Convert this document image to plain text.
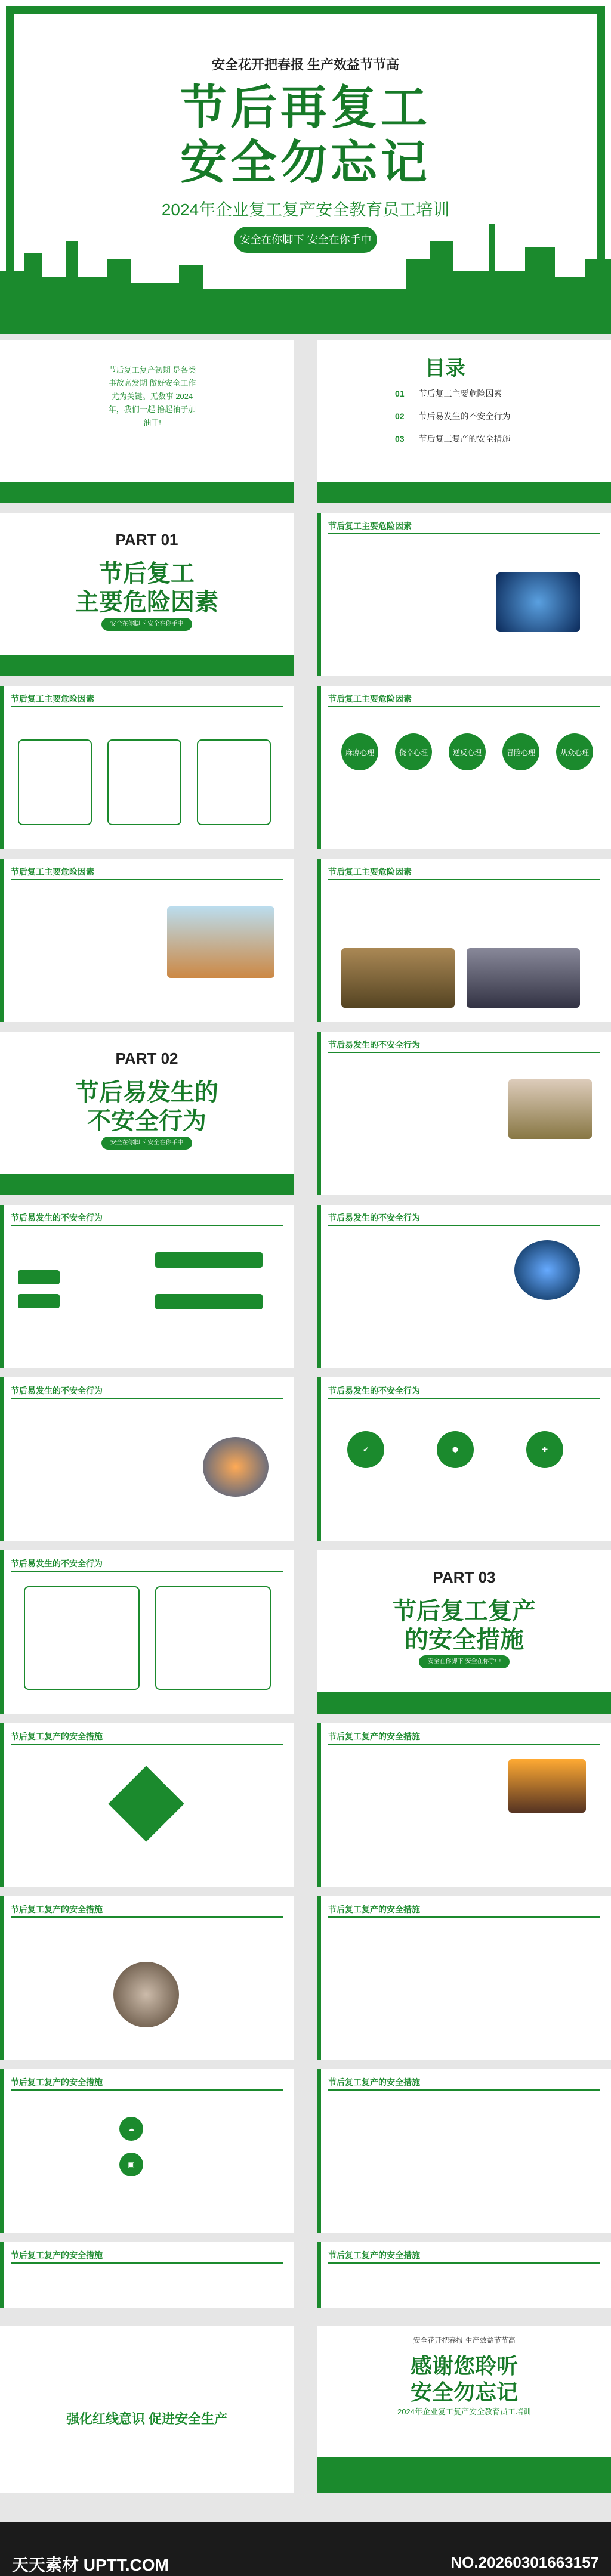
安全花开把春报 生产效益节节高
节后再复工
安全勿忘记
2024年企业复工复产安全教育员工培训
安全在你脚下 安全在你手中
节后复工复产初期 是各类事故高发期 做好安全工作 尤为关键。无数事 2024年，我们一起 撸起袖子加油干!
目录
01 节后复工主要危险因素
02 节后易发生的不安全行为
03 节后复工复产的安全措施
PART 01
节后复工
主要危险因素
安全在你脚下 安全在你手中
节后复工主要危险因素
节后复工主要危险因素	节后复工主要危险因素
麻痹心理	侥幸心理	逆反心理	冒险心理	从众心理
节后复工主要危险因素	节后复工主要危险因素
PART 02
节后易发生的
不安全行为
安全在你脚下 安全在你手中
节后易发生的不安全行为
节后易发生的不安全行为	节后易发生的不安全行为
节后易发生的不安全行为	节后易发生的不安全行为
✔	⬢	✚
节后易发生的不安全行为
PART 03
节后复工复产
的安全措施
安全在你脚下 安全在你手中
节后复工复产的安全措施	节后复工复产的安全措施
节后复工复产的安全措施	节后复工复产的安全措施
节后复工复产的安全措施
☁
▣
节后复工复产的安全措施
节后复工复产的安全措施	节后复工复产的安全措施
强化红线意识 促进安全生产
安全花开把春报 生产效益节节高
感谢您聆听
安全勿忘记
2024年企业复工复产安全教育员工培训
天天素材 UPTT.COM	NO.20260301663157
